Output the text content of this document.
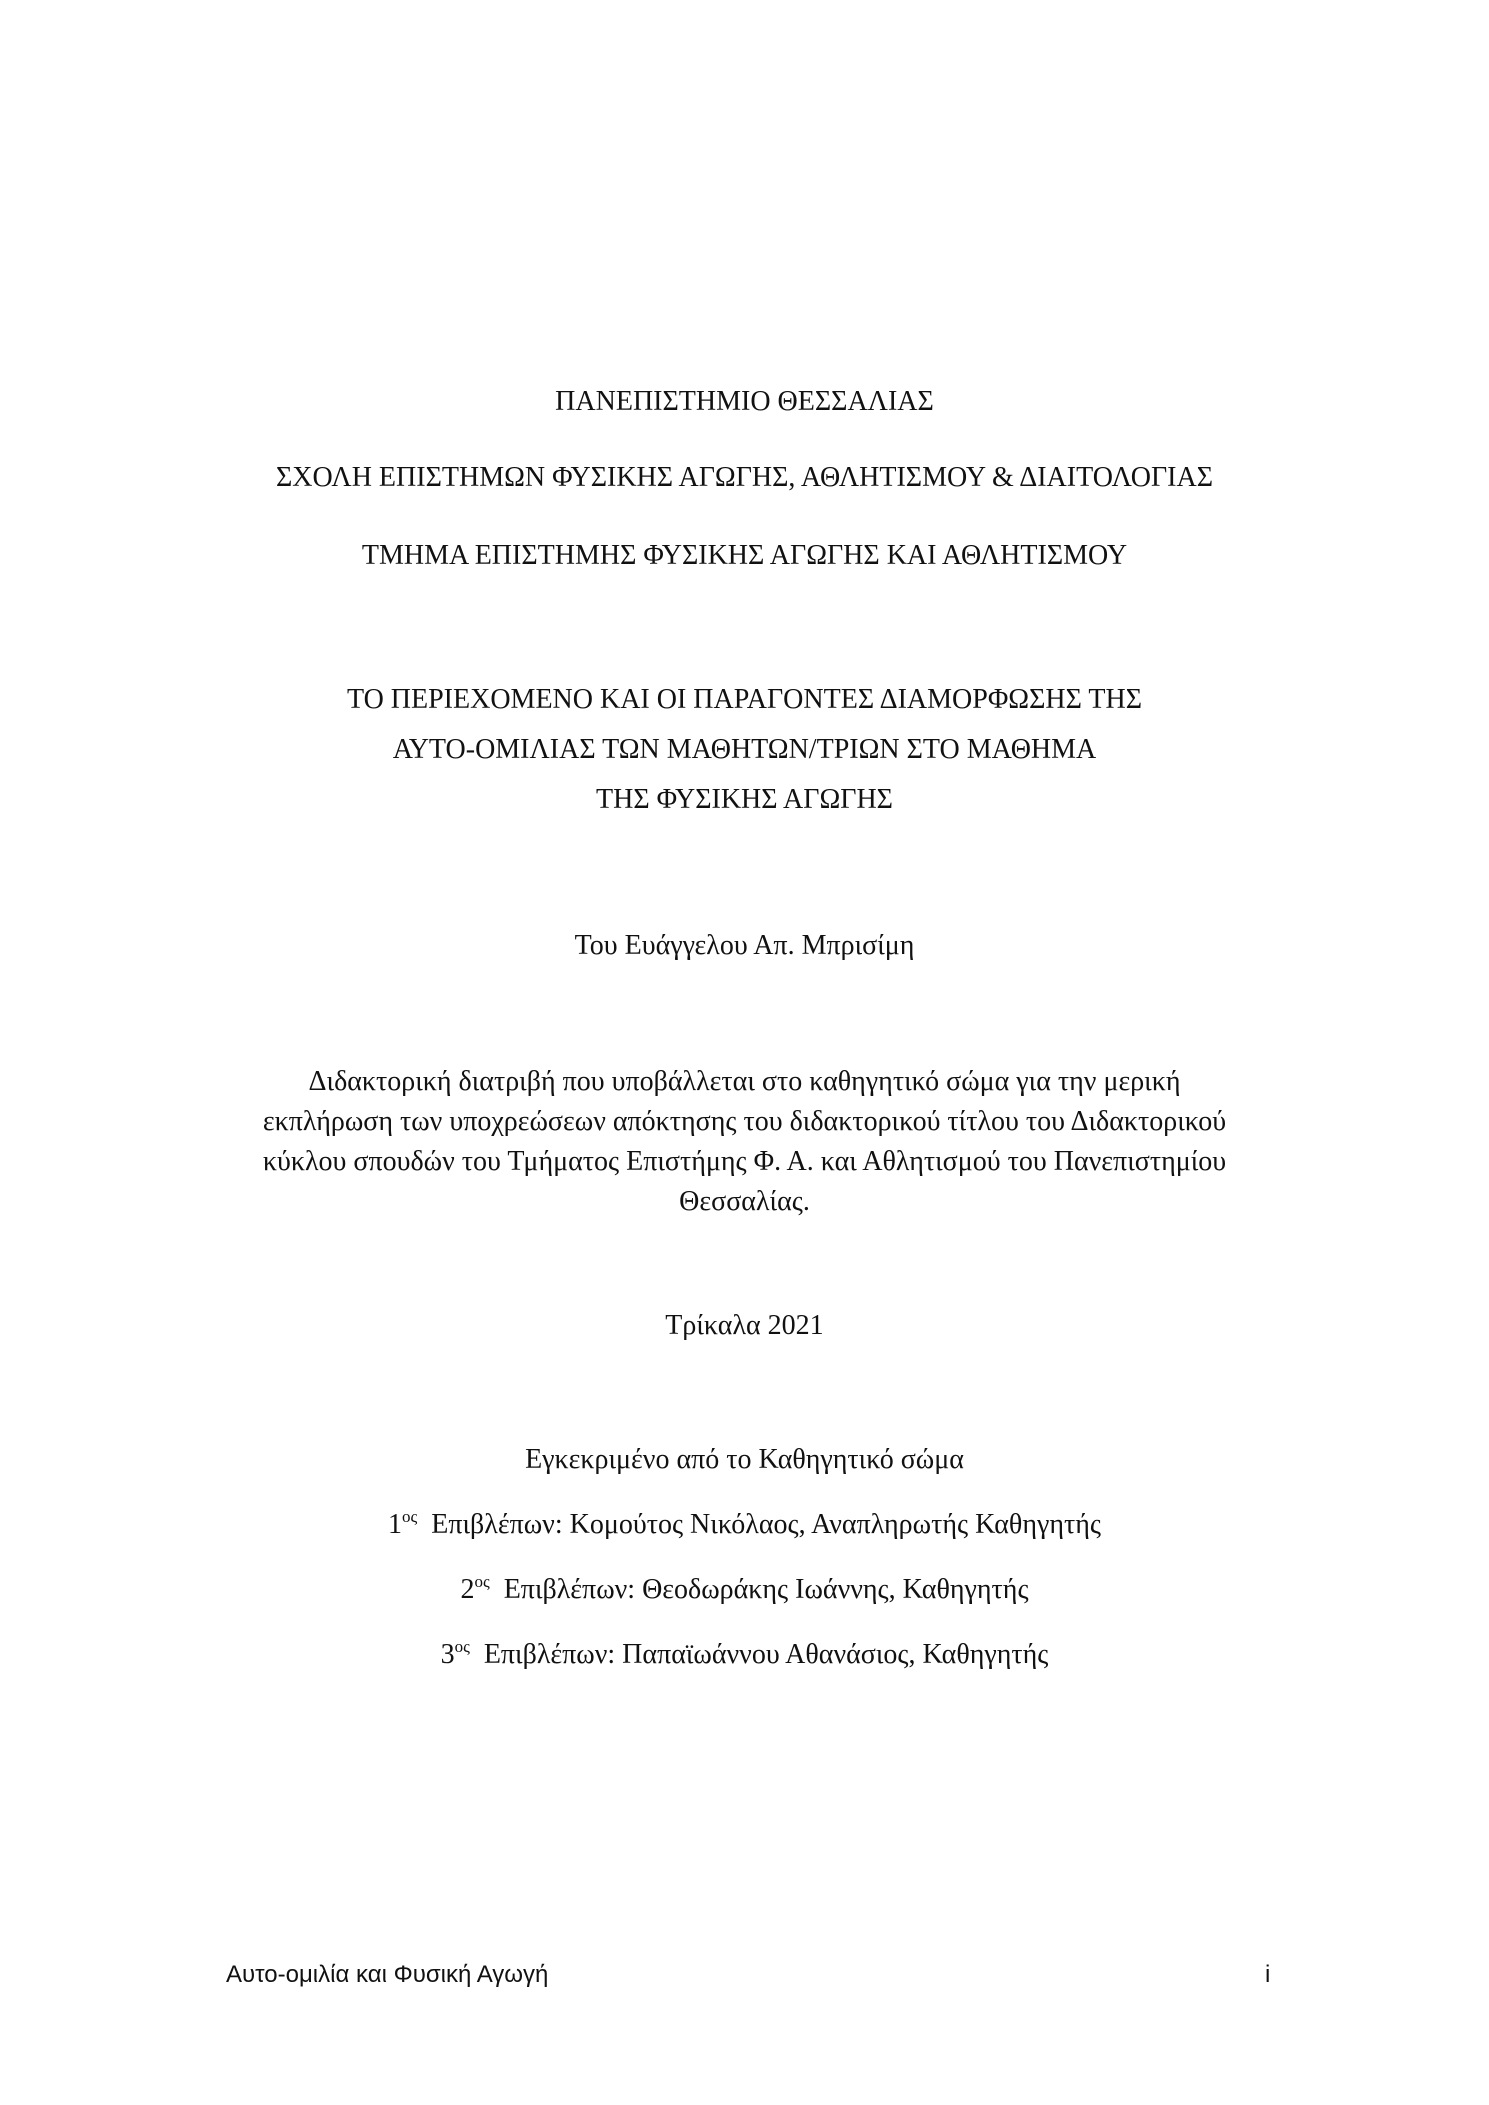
ΠΑΝΕΠΙΣΤΗΜΙΟ ΘΕΣΣΑΛΙΑΣ
ΣΧΟΛΗ ΕΠΙΣΤΗΜΩΝ ΦΥΣΙΚΗΣ ΑΓΩΓΗΣ, ΑΘΛΗΤΙΣΜΟΥ & ΔΙΑΙΤΟΛΟΓΙΑΣ
ΤΜΗΜΑ ΕΠΙΣΤΗΜΗΣ ΦΥΣΙΚΗΣ ΑΓΩΓΗΣ ΚΑΙ ΑΘΛΗΤΙΣΜΟΥ
ΤΟ ΠΕΡΙΕΧΟΜΕΝΟ ΚΑΙ ΟΙ ΠΑΡΑΓΟΝΤΕΣ ΔΙΑΜΟΡΦΩΣΗΣ ΤΗΣ
ΑΥΤΟ-ΟΜΙΛΙΑΣ ΤΩΝ ΜΑΘΗΤΩΝ/ΤΡΙΩΝ ΣΤΟ ΜΑΘΗΜΑ
ΤΗΣ ΦΥΣΙΚΗΣ ΑΓΩΓΗΣ
Του Ευάγγελου Απ. Μπρισίμη
Διδακτορική διατριβή που υποβάλλεται στο καθηγητικό σώμα για την μερική
εκπλήρωση των υποχρεώσεων απόκτησης του διδακτορικού τίτλου του Διδακτορικού
κύκλου σπουδών του Τμήματος Επιστήμης Φ. Α. και Αθλητισμού του Πανεπιστημίου
Θεσσαλίας.
Τρίκαλα 2021
Εγκεκριμένο από το Καθηγητικό σώμα
$1^{o\varsigma}$ Επιβλέπων: Κομούτος Νικόλαος, Αναπληρωτής Καθηγητής
$2^{o\varsigma}$ Επιβλέπων: Θεοδωράκης Ιωάννης, Καθηγητής
$3^{o\varsigma}$ Επιβλέπων: Παπαϊωάννου Αθανάσιος, Καθηγητής
Αυτο-ομιλία και Φυσική Αγωγή	i
